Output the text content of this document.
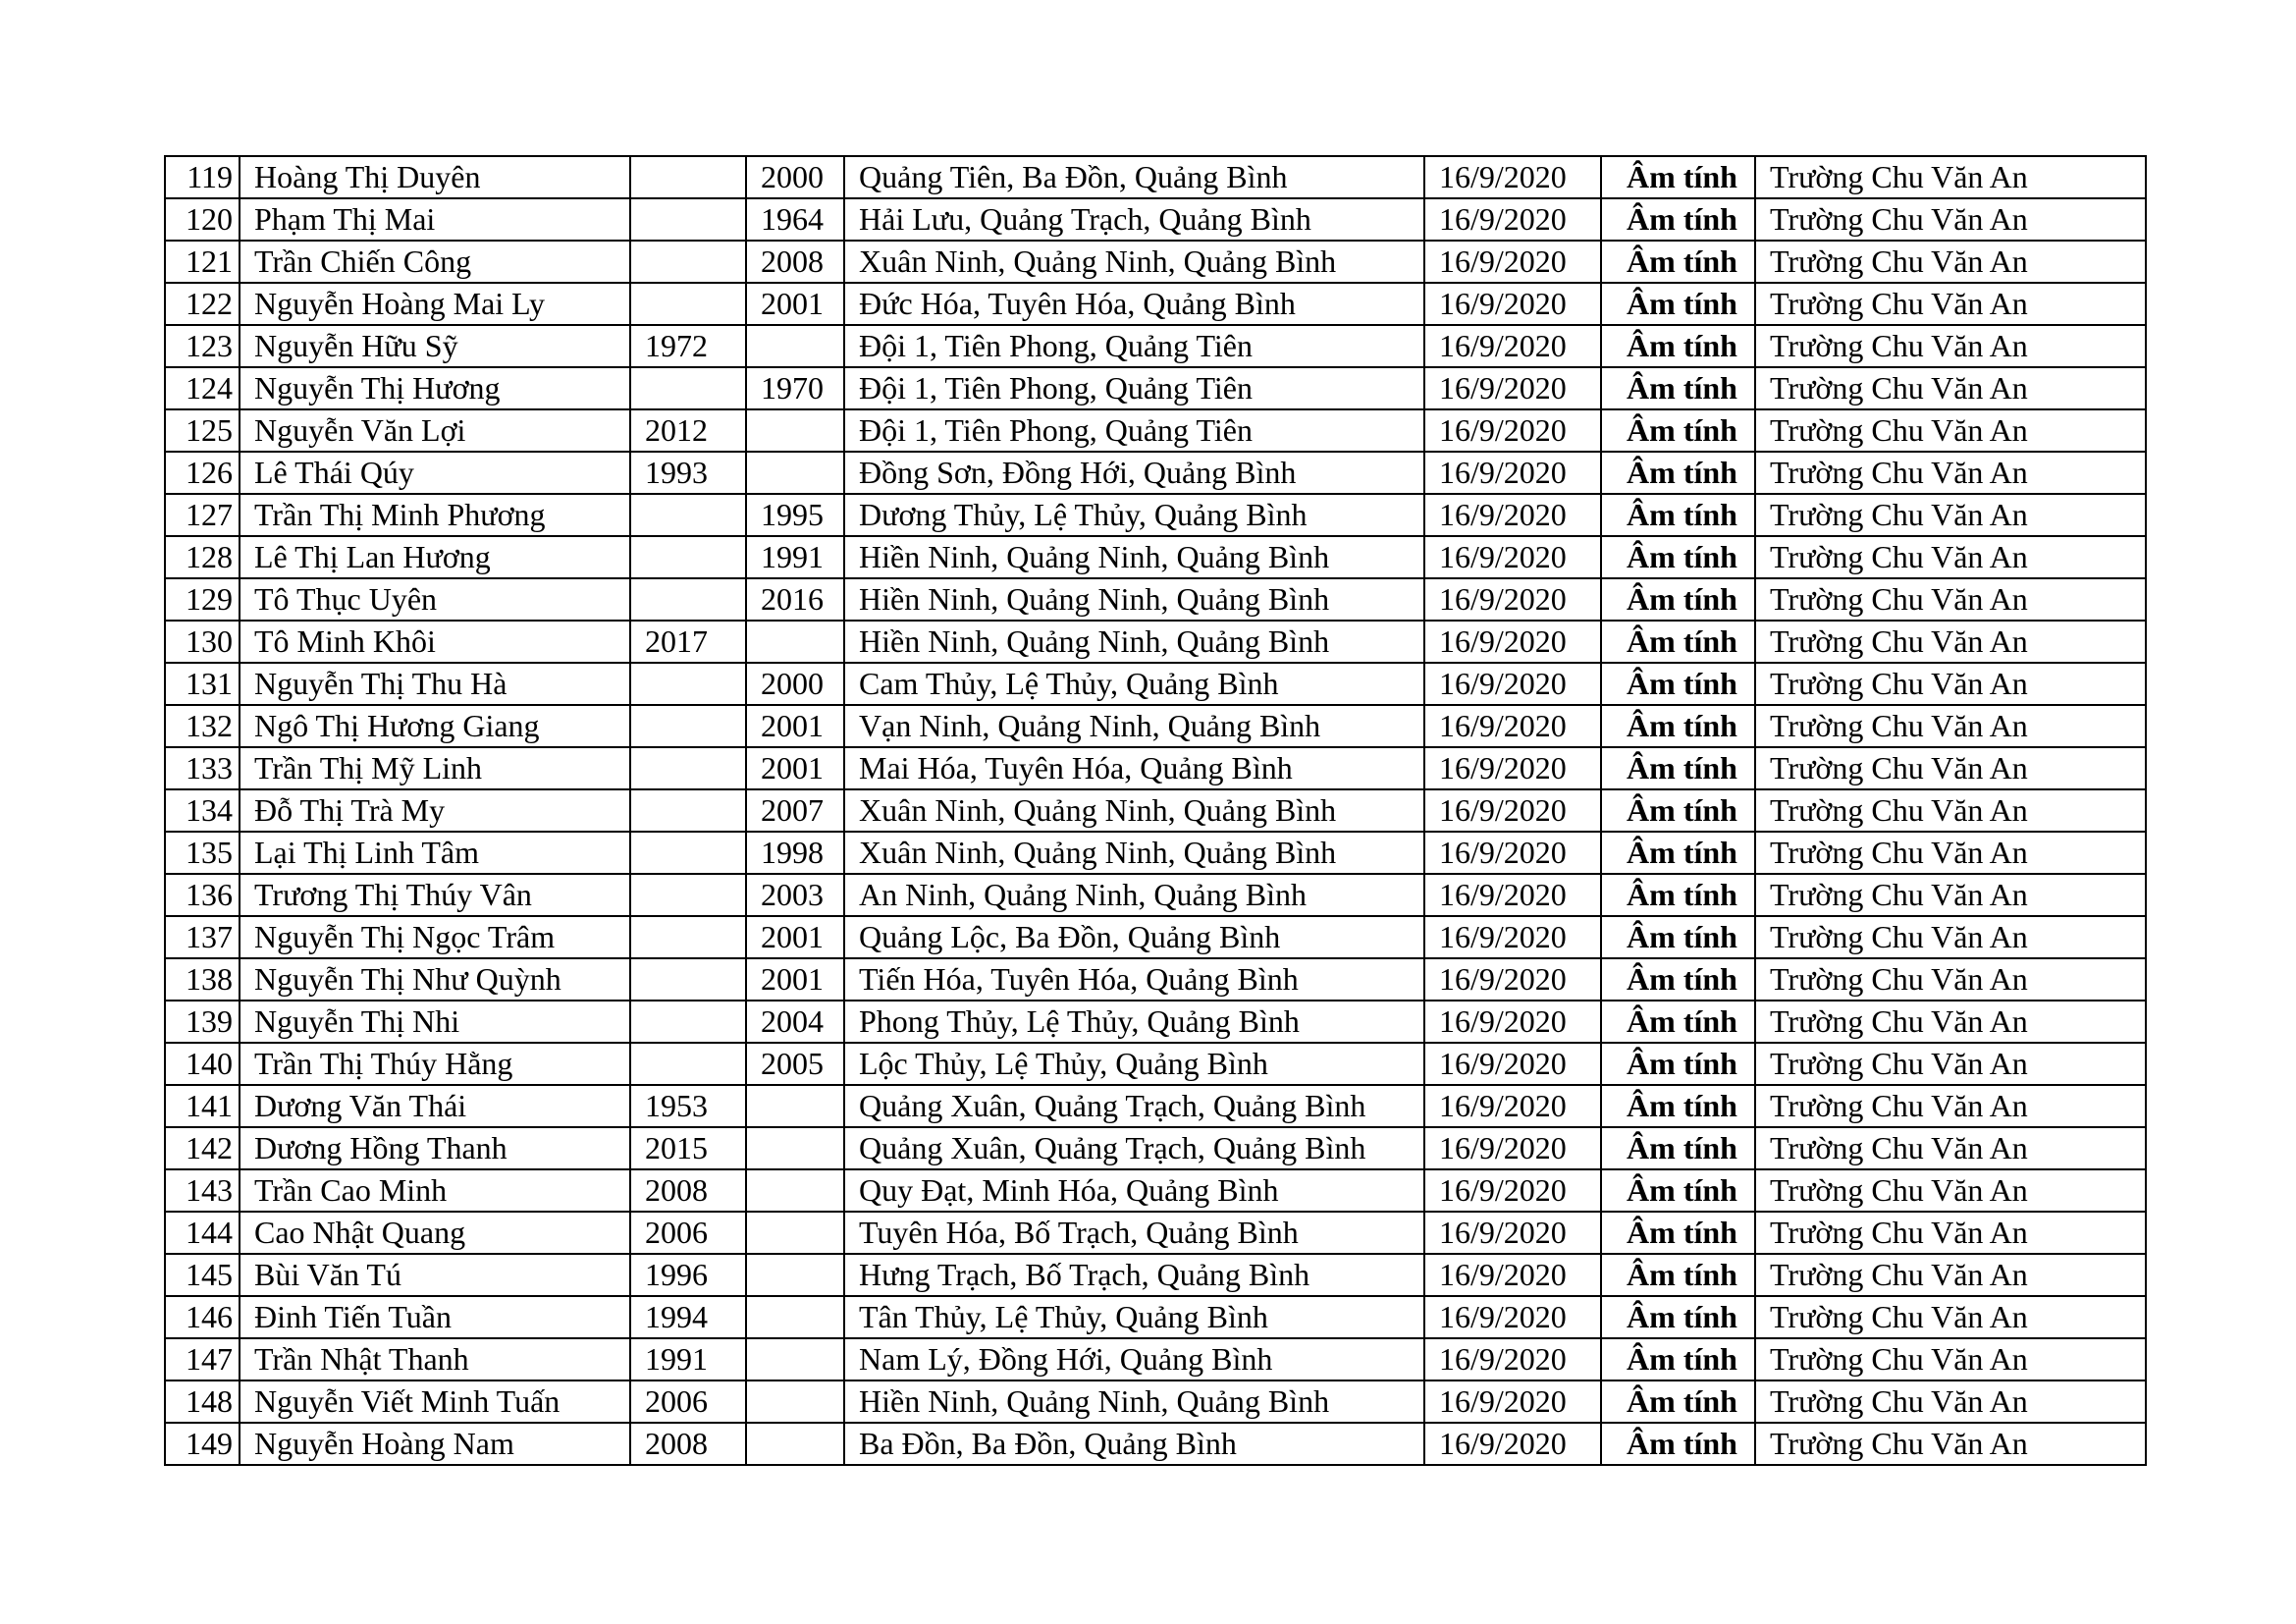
119	Hoàng Thị Duyên		2000	Quảng Tiên, Ba Đồn, Quảng Bình	16/9/2020	Âm tính	Trường Chu Văn An
120	Phạm Thị Mai		1964	Hải Lưu, Quảng Trạch, Quảng Bình	16/9/2020	Âm tính	Trường Chu Văn An
121	Trần Chiến Công		2008	Xuân Ninh, Quảng Ninh, Quảng Bình	16/9/2020	Âm tính	Trường Chu Văn An
122	Nguyễn Hoàng Mai Ly		2001	Đức Hóa, Tuyên Hóa, Quảng Bình	16/9/2020	Âm tính	Trường Chu Văn An
123	Nguyễn Hữu Sỹ	1972		Đội 1, Tiên Phong, Quảng Tiên	16/9/2020	Âm tính	Trường Chu Văn An
124	Nguyễn Thị Hương		1970	Đội 1, Tiên Phong, Quảng Tiên	16/9/2020	Âm tính	Trường Chu Văn An
125	Nguyễn Văn Lợi	2012		Đội 1, Tiên Phong, Quảng Tiên	16/9/2020	Âm tính	Trường Chu Văn An
126	Lê Thái Qúy	1993		Đồng Sơn, Đồng Hới, Quảng Bình	16/9/2020	Âm tính	Trường Chu Văn An
127	Trần Thị Minh Phương		1995	Dương Thủy, Lệ Thủy, Quảng Bình	16/9/2020	Âm tính	Trường Chu Văn An
128	Lê Thị Lan Hương		1991	Hiền Ninh, Quảng Ninh, Quảng Bình	16/9/2020	Âm tính	Trường Chu Văn An
129	Tô Thục Uyên		2016	Hiền Ninh, Quảng Ninh, Quảng Bình	16/9/2020	Âm tính	Trường Chu Văn An
130	Tô Minh Khôi	2017		Hiền Ninh, Quảng Ninh, Quảng Bình	16/9/2020	Âm tính	Trường Chu Văn An
131	Nguyễn Thị Thu Hà		2000	Cam Thủy, Lệ Thủy, Quảng Bình	16/9/2020	Âm tính	Trường Chu Văn An
132	Ngô Thị Hương Giang		2001	Vạn Ninh, Quảng Ninh, Quảng Bình	16/9/2020	Âm tính	Trường Chu Văn An
133	Trần Thị Mỹ Linh		2001	Mai Hóa, Tuyên Hóa, Quảng Bình	16/9/2020	Âm tính	Trường Chu Văn An
134	Đỗ Thị Trà My		2007	Xuân Ninh, Quảng Ninh, Quảng Bình	16/9/2020	Âm tính	Trường Chu Văn An
135	Lại Thị Linh Tâm		1998	Xuân Ninh, Quảng Ninh, Quảng Bình	16/9/2020	Âm tính	Trường Chu Văn An
136	Trương Thị Thúy Vân		2003	An Ninh, Quảng Ninh, Quảng Bình	16/9/2020	Âm tính	Trường Chu Văn An
137	Nguyễn Thị Ngọc Trâm		2001	Quảng Lộc, Ba Đồn, Quảng Bình	16/9/2020	Âm tính	Trường Chu Văn An
138	Nguyễn Thị Như Quỳnh		2001	Tiến Hóa, Tuyên Hóa, Quảng Bình	16/9/2020	Âm tính	Trường Chu Văn An
139	Nguyễn Thị Nhi		2004	Phong Thủy, Lệ Thủy, Quảng Bình	16/9/2020	Âm tính	Trường Chu Văn An
140	Trần Thị Thúy Hằng		2005	Lộc Thủy, Lệ Thủy, Quảng Bình	16/9/2020	Âm tính	Trường Chu Văn An
141	Dương Văn Thái	1953		Quảng Xuân, Quảng Trạch, Quảng Bình	16/9/2020	Âm tính	Trường Chu Văn An
142	Dương Hồng Thanh	2015		Quảng Xuân, Quảng Trạch, Quảng Bình	16/9/2020	Âm tính	Trường Chu Văn An
143	Trần Cao Minh	2008		Quy Đạt, Minh Hóa, Quảng Bình	16/9/2020	Âm tính	Trường Chu Văn An
144	Cao Nhật Quang	2006		Tuyên Hóa, Bố Trạch, Quảng Bình	16/9/2020	Âm tính	Trường Chu Văn An
145	Bùi Văn Tú	1996		Hưng Trạch, Bố Trạch, Quảng Bình	16/9/2020	Âm tính	Trường Chu Văn An
146	Đinh Tiến Tuần	1994		Tân Thủy, Lệ Thủy, Quảng Bình	16/9/2020	Âm tính	Trường Chu Văn An
147	Trần Nhật Thanh	1991		Nam Lý, Đồng Hới, Quảng Bình	16/9/2020	Âm tính	Trường Chu Văn An
148	Nguyễn Viết Minh Tuấn	2006		Hiền Ninh, Quảng Ninh, Quảng Bình	16/9/2020	Âm tính	Trường Chu Văn An
149	Nguyễn Hoàng Nam	2008		Ba Đồn, Ba Đồn, Quảng Bình	16/9/2020	Âm tính	Trường Chu Văn An
